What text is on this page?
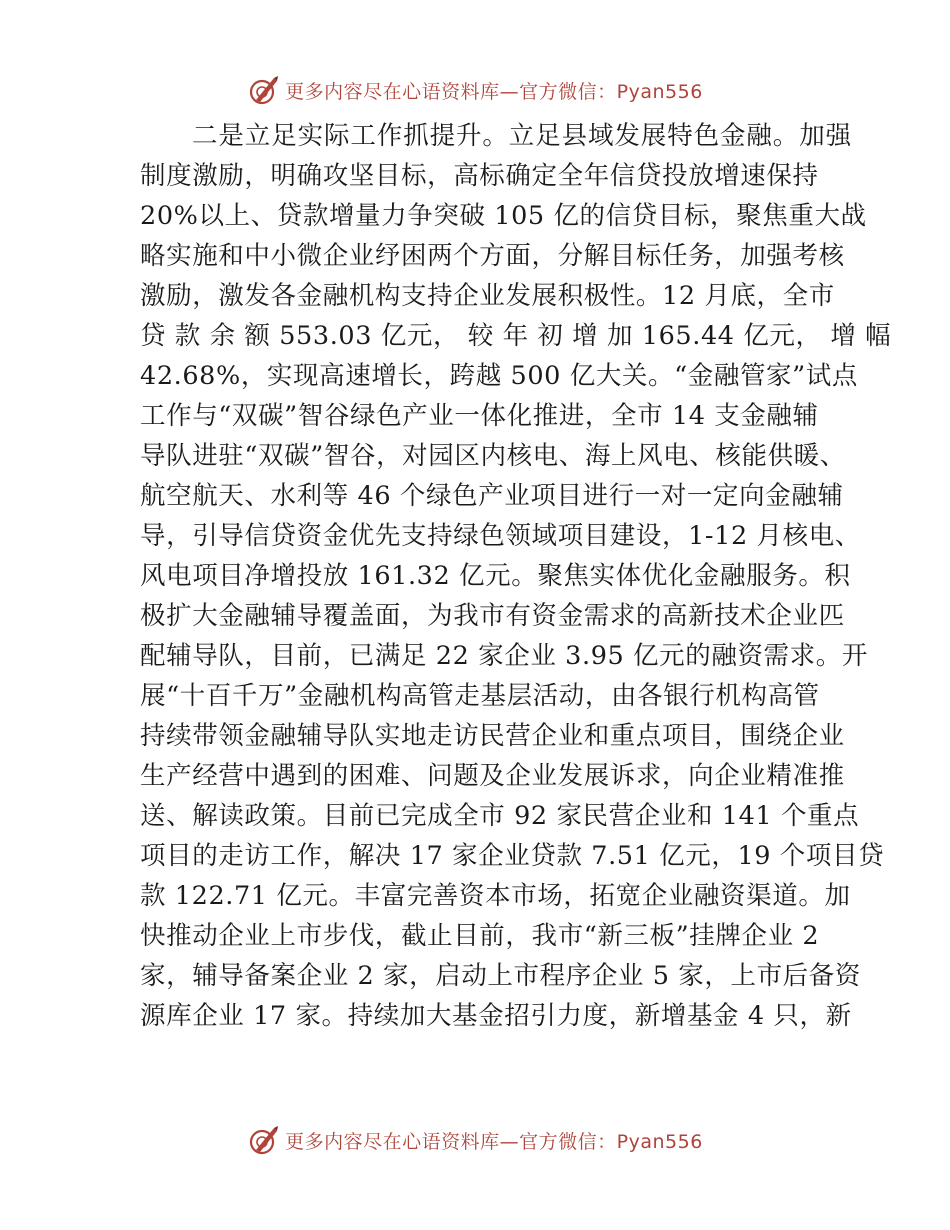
更多内容尽在心语资料库—官方微信：Pyan556
二是立足实际工作抓提升。立足县域发展特色金融。加强
制度激励，明确攻坚目标，高标确定全年信贷投放增速保持
20%以上、贷款增量力争突破 105 亿的信贷目标，聚焦重大战
略实施和中小微企业纾困两个方面，分解目标任务，加强考核
激励，激发各金融机构支持企业发展积极性。12 月底，全市
贷 款 余 额 553.03 亿元， 较 年 初 增 加 165.44 亿元， 增 幅
42.68%，实现高速增长，跨越 500 亿大关。“金融管家”试点
工作与“双碳”智谷绿色产业一体化推进，全市 14 支金融辅
导队进驻“双碳”智谷，对园区内核电、海上风电、核能供暖、
航空航天、水利等 46 个绿色产业项目进行一对一定向金融辅
导，引导信贷资金优先支持绿色领域项目建设，1-12 月核电、
风电项目净增投放 161.32 亿元。聚焦实体优化金融服务。积
极扩大金融辅导覆盖面，为我市有资金需求的高新技术企业匹
配辅导队，目前，已满足 22 家企业 3.95 亿元的融资需求。开
展“十百千万”金融机构高管走基层活动，由各银行机构高管
持续带领金融辅导队实地走访民营企业和重点项目，围绕企业
生产经营中遇到的困难、问题及企业发展诉求，向企业精准推
送、解读政策。目前已完成全市 92 家民营企业和 141 个重点
项目的走访工作，解决 17 家企业贷款 7.51 亿元，19 个项目贷
款 122.71 亿元。丰富完善资本市场，拓宽企业融资渠道。加
快推动企业上市步伐，截止目前，我市“新三板”挂牌企业 2
家，辅导备案企业 2 家，启动上市程序企业 5 家，上市后备资
源库企业 17 家。持续加大基金招引力度，新增基金 4 只，新
更多内容尽在心语资料库—官方微信：Pyan556
